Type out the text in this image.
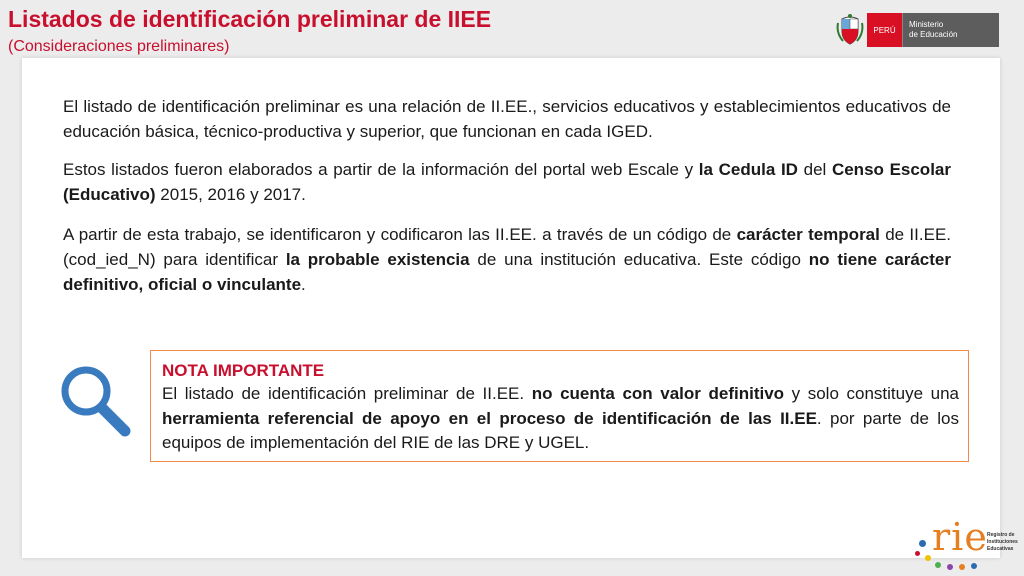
Listados de identificación preliminar de IIEE

(Consideraciones preliminares)

PERÚ
Ministerio
de Educación

El listado de identificación preliminar es una relación de II.EE., servicios educativos y establecimientos educativos de educación básica, técnico-productiva y superior, que funcionan en cada IGED.

Estos listados fueron elaborados a partir de la información del portal web Escale y la Cedula ID del Censo Escolar (Educativo) 2015, 2016 y 2017.

A partir de esta trabajo, se identificaron y codificaron las II.EE. a través de un código de carácter temporal de II.EE. (cod_ied_N) para identificar la probable existencia de una institución educativa. Este código no tiene carácter definitivo, oficial o vinculante.

NOTA IMPORTANTE

El listado de identificación preliminar de II.EE. no cuenta con valor definitivo y solo constituye una herramienta referencial de apoyo en el proceso de identificación de las II.EE. por parte de los equipos de implementación del RIE de las DRE y UGEL.

rie Registro de
Instituciones
Educativas
